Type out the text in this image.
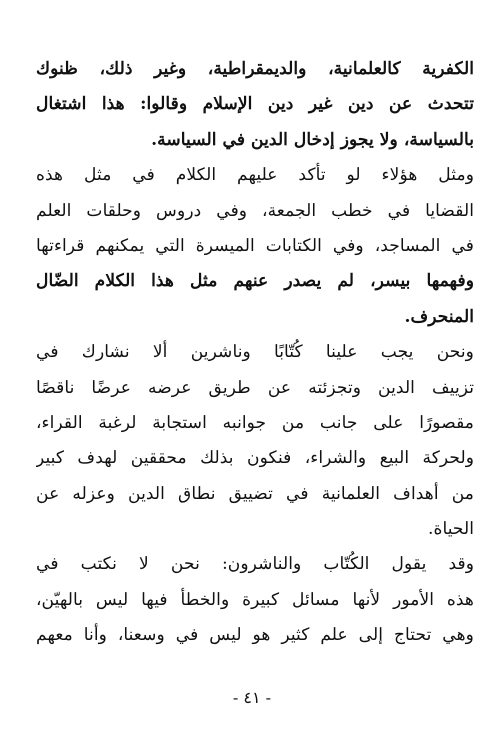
الكفرية كالعلمانية، والديمقراطية، وغير ذلك، ظنوك
تتحدث عن دين غير دين الإسلام وقالوا: هذا اشتغال
بالسياسة، ولا يجوز إدخال الدين في السياسة.
ومثل هؤلاء لو تأكد عليهم الكلام في مثل هذه
القضايا في خطب الجمعة، وفي دروس وحلقات العلم
في المساجد، وفي الكتابات الميسرة التي يمكنهم قراءتها
وفهمها بيسر، لم يصدر عنهم مثل هذا الكلام الضّال
المنحرف.
ونحن يجب علينا كُتّابًا وناشرين ألا نشارك في
تزييف الدين وتجزئته عن طريق عرضه عرضًا ناقصًا
مقصورًا على جانب من جوانبه استجابة لرغبة القراء،
ولحركة البيع والشراء، فنكون بذلك محققين لهدف كبير
من أهداف العلمانية في تضييق نطاق الدين وعزله عن
الحياة.
وقد يقول الكُتّاب والناشرون: نحن لا نكتب في
هذه الأمور لأنها مسائل كبيرة والخطأ فيها ليس بالهيّن،
وهي تحتاج إلى علم كثير هو ليس في وسعنا، وأنا معهم
- ٤١ -
